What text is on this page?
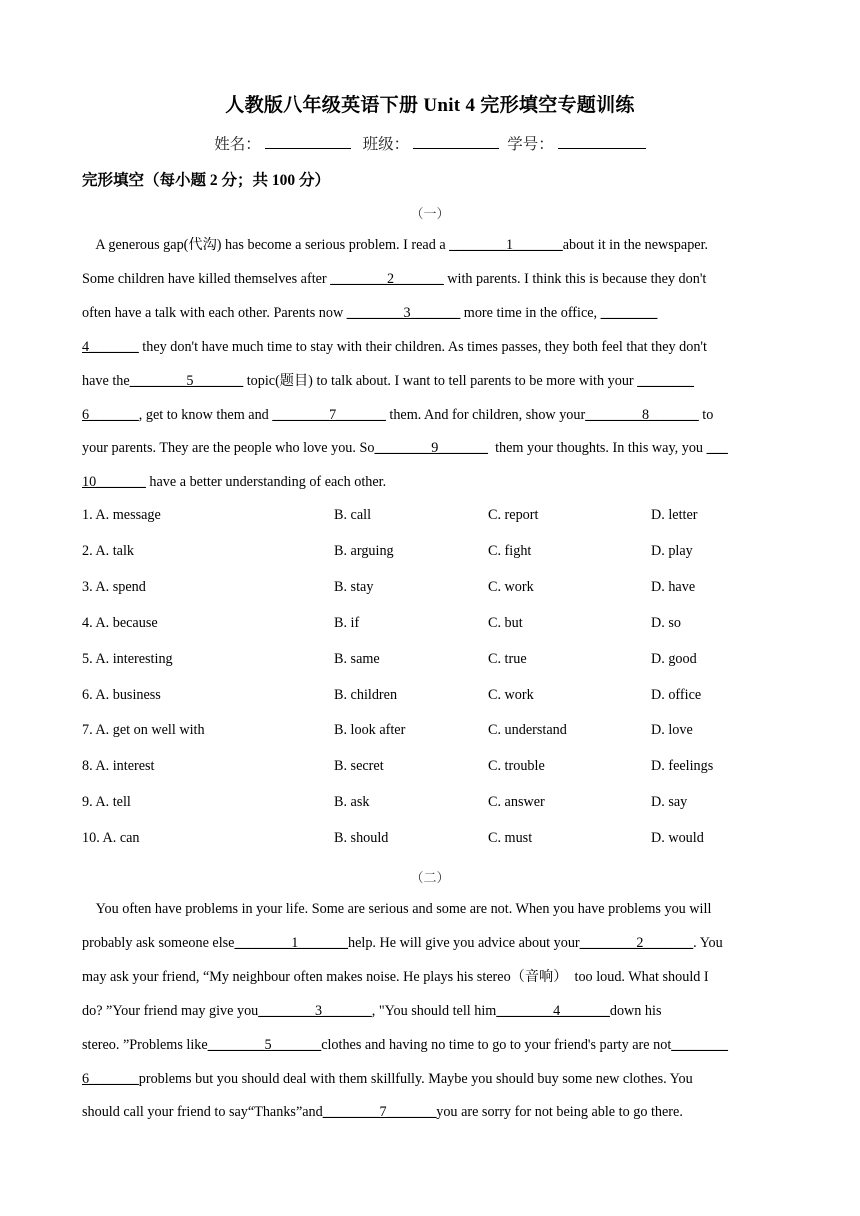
人教版八年级英语下册 Unit 4 完形填空专题训练
姓名：	班级：	学号：
完形填空（每小题 2 分；共 100 分）
（一）
A generous gap(代沟) has become a serious problem. I read a ________1_______about it in the newspaper.
Some children have killed themselves after ________2_______ with parents. I think this is because they don't
often have a talk with each other. Parents now ________3_______ more time in the office, ________
4_______ they don't have much time to stay with their children. As times passes, they both feel that they don't
have the________5_______ topic(题目) to talk about. I want to tell parents to be more with your ________
6_______, get to know them and ________7_______ them. And for children, show your________8_______ to
your parents. They are the people who love you. So________9_______  them your thoughts. In this way, you ___
10_______ have a better understanding of each other.
1. A. message	B. call	C. report	D. letter
2. A. talk	B. arguing	C. fight	D. play
3. A. spend	B. stay	C. work	D. have
4. A. because	B. if	C. but	D. so
5. A. interesting	B. same	C. true	D. good
6. A. business	B. children	C. work	D. office
7. A. get on well with	B. look after	C. understand	D. love
8. A. interest	B. secret	C. trouble	D. feelings
9. A. tell	B. ask	C. answer	D. say
10. A. can	B. should	C. must	D. would
（二）
You often have problems in your life. Some are serious and some are not. When you have problems you will
probably ask someone else________1_______help. He will give you advice about your________2_______. You
may ask your friend, “My neighbour often makes noise. He plays his stereo（音响）  too loud. What should I
do? ”Your friend may give you________3_______, "You should tell him________4_______down his
stereo. ”Problems like________5_______clothes and having no time to go to your friend's party are not________
6_______problems but you should deal with them skillfully. Maybe you should buy some new clothes. You
should call your friend to say“Thanks”and________7_______you are sorry for not being able to go there.
